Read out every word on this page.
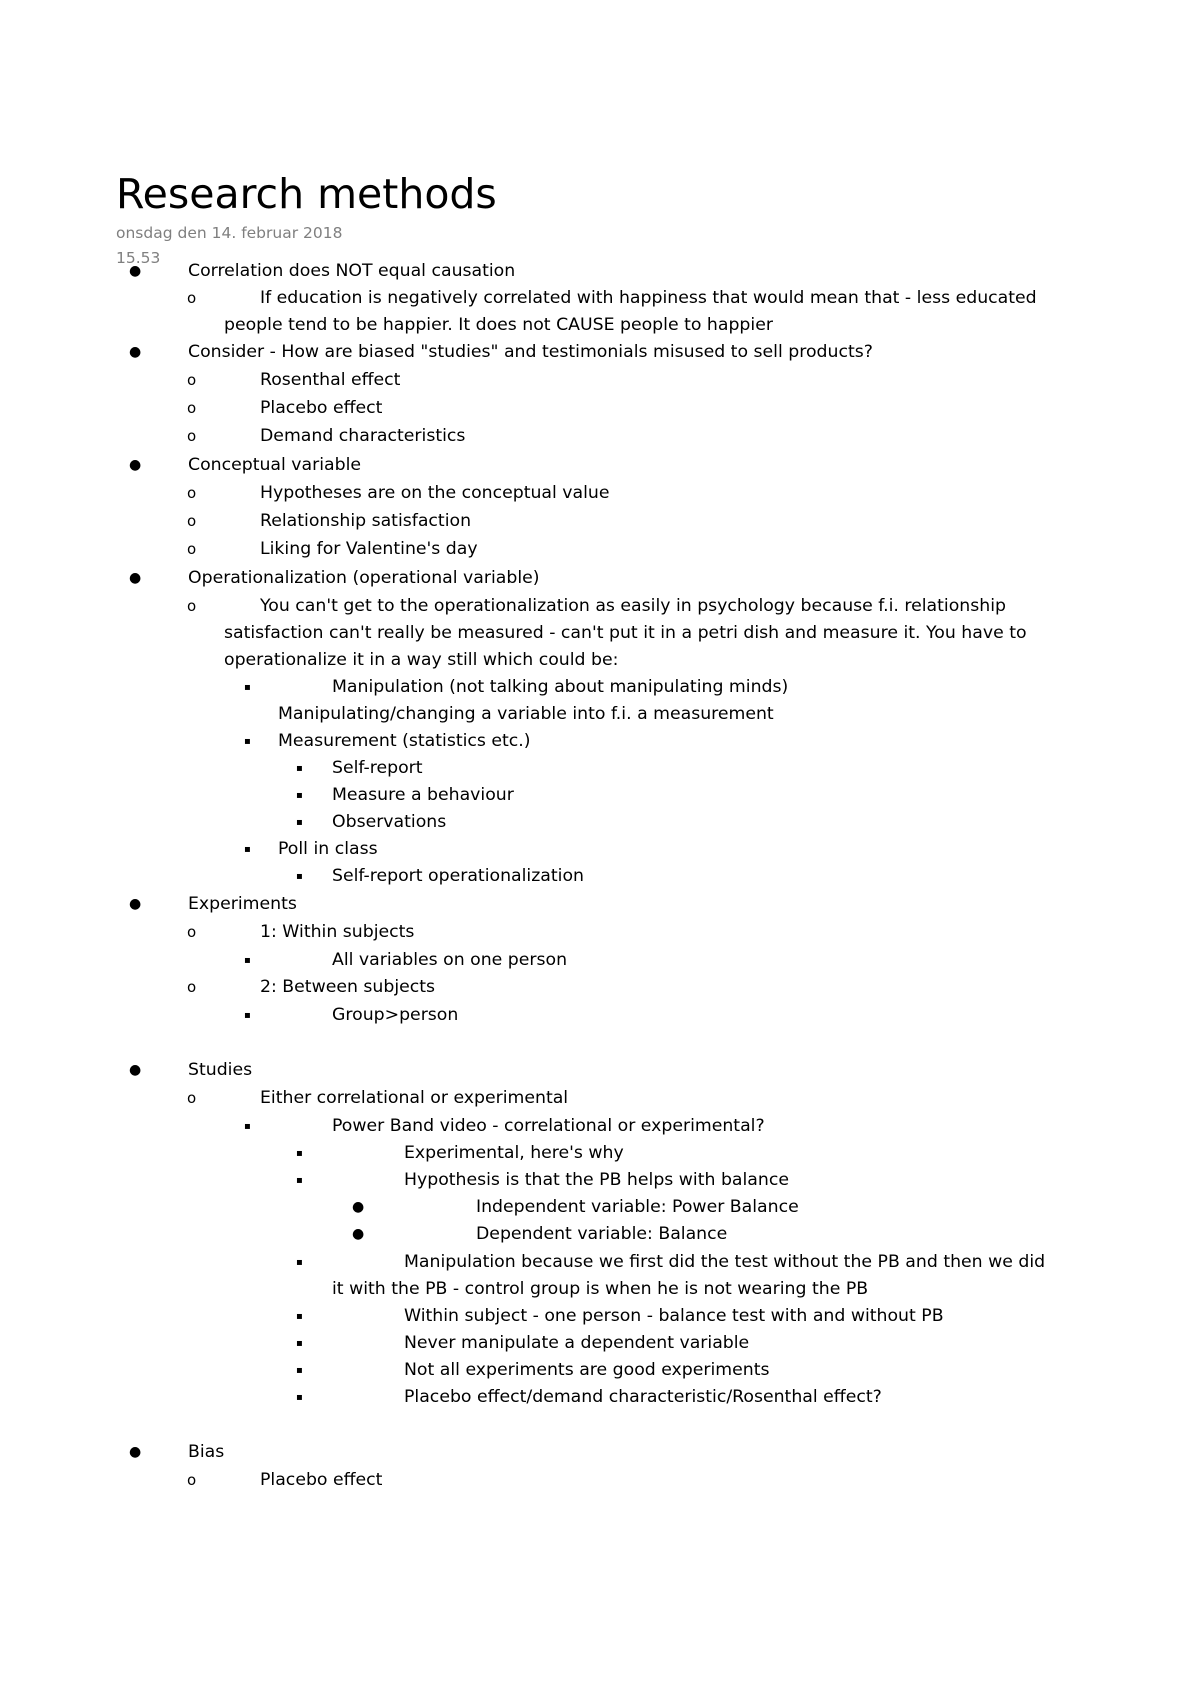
Research methods
onsdag den 14. februar 2018
15.53
●	Correlation does NOT equal causation
o	If education is negatively correlated with happiness that would mean that - less educated
people tend to be happier. It does not CAUSE people to happier
●	Consider - How are biased "studies" and testimonials misused to sell products?
o	Rosenthal effect
o	Placebo effect
o	Demand characteristics
●	Conceptual variable
o	Hypotheses are on the conceptual value
o	Relationship satisfaction
o	Liking for Valentine's day
●	Operationalization (operational variable)
o	You can't get to the operationalization as easily in psychology because f.i. relationship
satisfaction can't really be measured - can't put it in a petri dish and measure it. You have to
operationalize it in a way still which could be:
▪	Manipulation (not talking about manipulating minds)
Manipulating/changing a variable into f.i. a measurement
▪ Measurement (statistics etc.)
▪ Self-report
▪ Measure a behaviour
▪ Observations
▪ Poll in class
▪ Self-report operationalization
●	Experiments
o	1: Within subjects
▪	All variables on one person
o	2: Between subjects
▪	Group>person
●	Studies
o	Either correlational or experimental
▪	Power Band video - correlational or experimental?
▪	Experimental, here's why
▪	Hypothesis is that the PB helps with balance
●	Independent variable: Power Balance
●	Dependent variable: Balance
▪	Manipulation because we first did the test without the PB and then we did
it with the PB - control group is when he is not wearing the PB
▪	Within subject - one person - balance test with and without PB
▪	Never manipulate a dependent variable
▪	Not all experiments are good experiments
▪	Placebo effect/demand characteristic/Rosenthal effect?
●	Bias
o	Placebo effect
